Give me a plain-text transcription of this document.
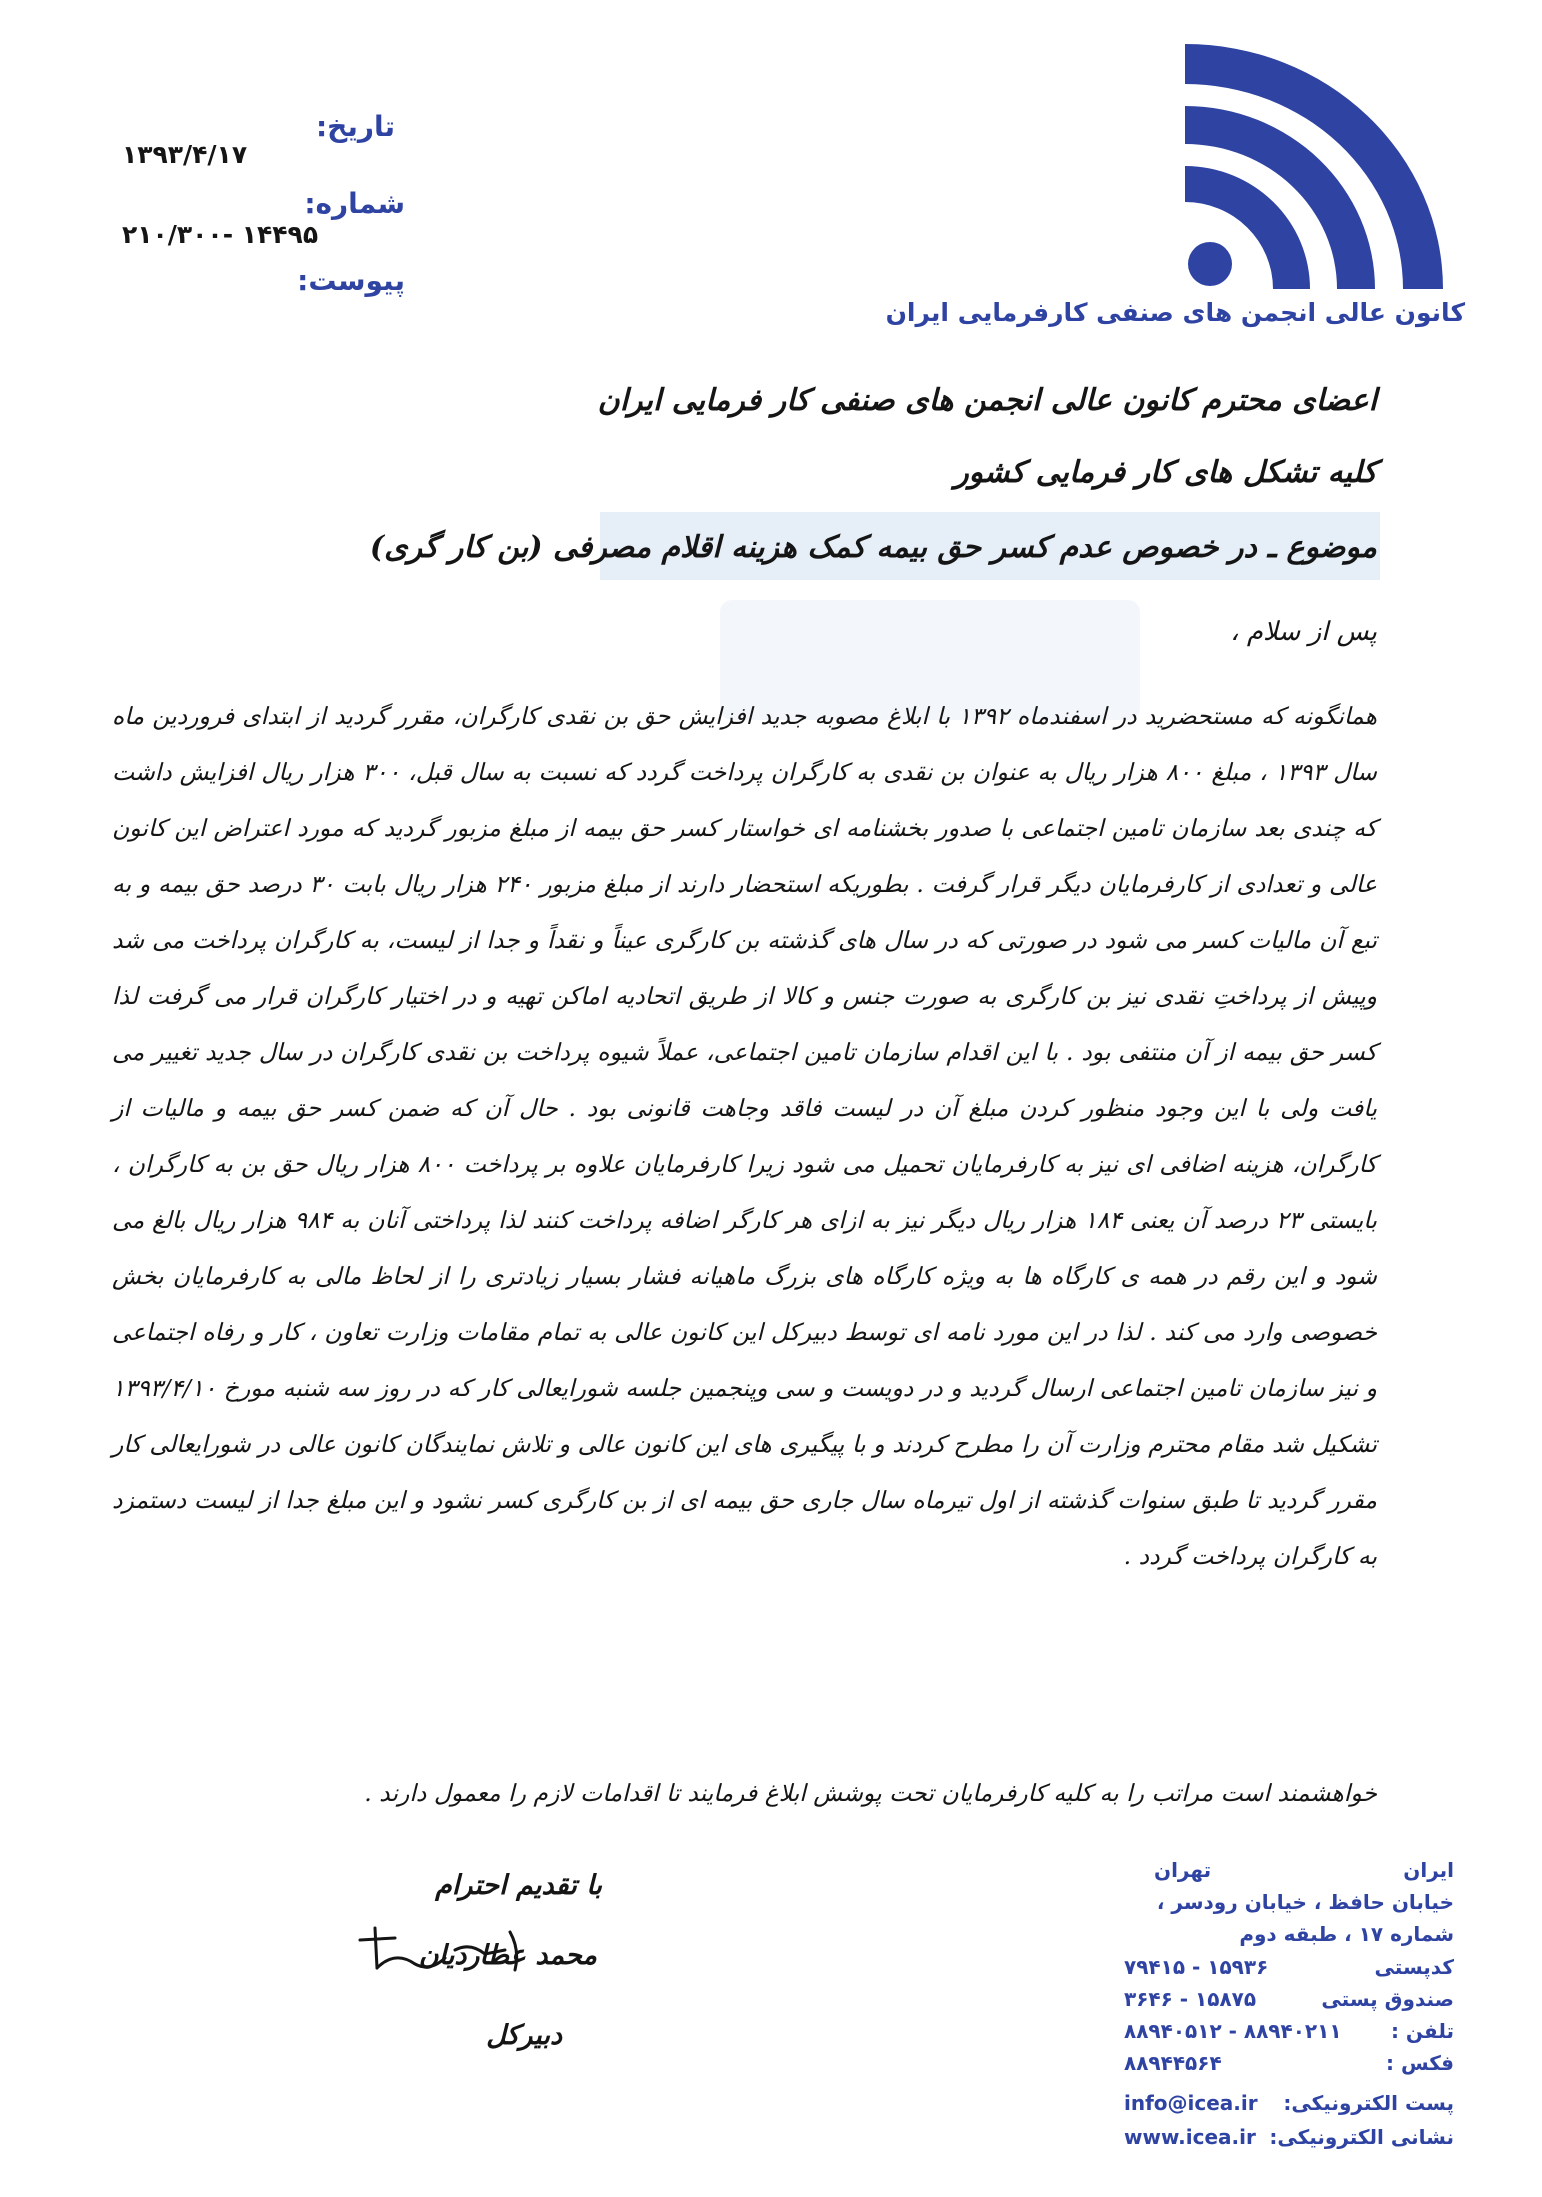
کانون عالی انجمن های صنفی کارفرمایی ایران
تاریخ:
۱۳۹۳/۴/۱۷
شماره:
۱۴۴۹۵ -۲۱۰/۳۰۰
پیوست:
اعضای محترم کانون عالی انجمن های صنفی کار فرمایی ایران
کلیه تشکل های کار فرمایی کشور
موضوع ـ در خصوص عدم کسر حق بیمه کمک هزینه اقلام مصرفی (بن کار گری)
پس از سلام ،

همانگونه که مستحضرید در اسفندماه ۱۳۹۲ با ابلاغ مصوبه جدید افزایش حق بن نقدی کارگران، مقرر گردید از ابتدای فروردین ماه سال ۱۳۹۳ ، مبلغ ۸۰۰ هزار ریال به عنوان بن نقدی به کارگران پرداخت گردد که نسبت به سال قبل، ۳۰۰ هزار ریال افزایش داشت که چندی بعد سازمان تامین اجتماعی با صدور بخشنامه ای خواستار کسر حق بیمه از مبلغ مزبور گردید که مورد اعتراض این کانون عالی و تعدادی از کارفرمایان دیگر قرار گرفت . بطوریکه استحضار دارند از مبلغ مزبور ۲۴۰ هزار ریال بابت ۳۰ درصد حق بیمه و به تبع آن مالیات کسر می شود در صورتی که در سال های گذشته بن کارگری عیناً و نقداً و جدا از لیست، به کارگران پرداخت می شد وپیش از پرداختِ نقدی نیز بن کارگری به صورت جنس و کالا از طریق اتحادیه اماکن تهیه و در اختیار کارگران قرار می گرفت لذا کسر حق بیمه از آن منتفی بود . با این اقدام سازمان تامین اجتماعی، عملاً شیوه پرداخت بن نقدی کارگران در سال جدید تغییر می یافت ولی با این وجود منظور کردن مبلغ آن در لیست فاقد وجاهت قانونی بود . حال آن که ضمن کسر حق بیمه و مالیات از کارگران، هزینه اضافی ای نیز به کارفرمایان تحمیل می شود زیرا کارفرمایان علاوه بر پرداخت ۸۰۰ هزار ریال حق بن به کارگران ، بایستی ۲۳ درصد آن یعنی ۱۸۴ هزار ریال دیگر نیز به ازای هر کارگر اضافه پرداخت کنند لذا پرداختی آنان به ۹۸۴ هزار ریال بالغ می شود و این رقم در همه ی کارگاه ها به ویژه کارگاه های بزرگ ماهیانه فشار بسیار زیادتری را از لحاظ مالی به کارفرمایان بخش خصوصی وارد می کند . لذا در این مورد نامه ای توسط دبیرکل این کانون عالی به تمام مقامات وزارت تعاون ، کار و رفاه اجتماعی و نیز سازمان تامین اجتماعی ارسال گردید و در دویست و سی وپنجمین جلسه شورایعالی کار که در روز سه شنبه مورخ ۱۳۹۳/۴/۱۰ تشکیل شد مقام محترم وزارت آن را مطرح کردند و با پیگیری های این کانون عالی و تلاش نمایندگان کانون عالی در شورایعالی کار مقرر گردید تا طبق سنوات گذشته از اول تیرماه سال جاری حق بیمه ای از بن کارگری کسر نشود و این مبلغ جدا از لیست دستمزد به کارگران پرداخت گردد .

خواهشمند است مراتب را به کلیه کارفرمایان تحت پوشش ابلاغ فرمایند تا اقدامات لازم را معمول دارند .

با تقدیم احترام
محمد عطاردیان
دبیرکل
ایران
تهران
خیابان حافظ ، خیابان رودسر ،
شماره ۱۷ ، طبقه دوم
کدپستی
۷۹۴۱۵ - ۱۵۹۳۶
صندوق پستی
۳۶۴۶ - ۱۵۸۷۵
تلفن :
۸۸۹۴۰۵۱۲ - ۸۸۹۴۰۲۱۱
فکس :
۸۸۹۴۴۵۶۴
پست الکترونیکی:
info@icea.ir
نشانی الکترونیکی:
www.icea.ir
